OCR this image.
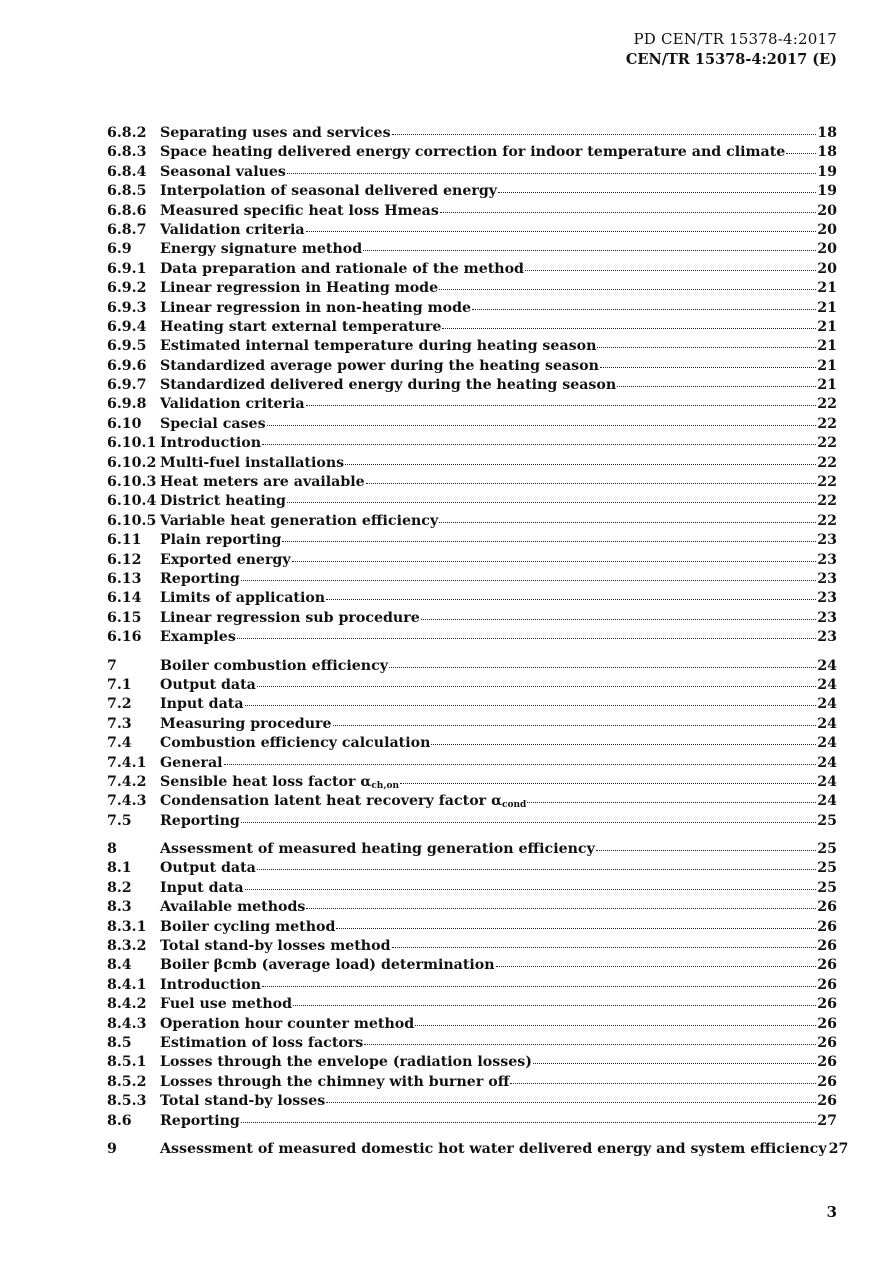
PD CEN/TR 15378-4:2017
CEN/TR 15378-4:2017 (E)
6.8.2 Separating uses and services	18
6.8.3 Space heating delivered energy correction for indoor temperature and climate 18
6.8.4 Seasonal values	19
6.8.5 Interpolation of seasonal delivered energy	19
6.8.6 Measured specific heat loss Hmeas	20
6.8.7 Validation criteria	20
6.9	Energy signature method	20
6.9.1 Data preparation and rationale of the method	20
6.9.2 Linear regression in Heating mode	21
6.9.3 Linear regression in non-heating mode	21
6.9.4 Heating start external temperature	21
6.9.5 Estimated internal temperature during heating season	21
6.9.6 Standardized average power during the heating season	21
6.9.7 Standardized delivered energy during the heating season	21
6.9.8 Validation criteria	22
6.10	Special cases	22
6.10.1 Introduction	22
6.10.2 Multi-fuel installations	22
6.10.3 Heat meters are available	22
6.10.4 District heating	22
6.10.5 Variable heat generation efficiency	22
6.11	Plain reporting	23
6.12	Exported energy	23
6.13	Reporting	23
6.14	Limits of application	23
6.15	Linear regression sub procedure	23
6.16	Examples	23
7	Boiler combustion efficiency	24
7.1	Output data	24
7.2	Input data	24
7.3	Measuring procedure	24
7.4	Combustion efficiency calculation	24
7.4.1 General	24
7.4.2 Sensible heat loss factor $\alpha_{ch,on}$	24
7.4.3 Condensation latent heat recovery factor $\alpha_{cond}$	24
7.5	Reporting	25
8	Assessment of measured heating generation efficiency	25
8.1	Output data	25
8.2	Input data	25
8.3	Available methods	26
8.3.1 Boiler cycling method	26
8.3.2 Total stand-by losses method	26
8.4	Boiler βcmb (average load) determination	26
8.4.1 Introduction	26
8.4.2 Fuel use method	26
8.4.3 Operation hour counter method	26
8.5	Estimation of loss factors	26
8.5.1 Losses through the envelope (radiation losses)	26
8.5.2 Losses through the chimney with burner off	26
8.5.3 Total stand-by losses	26
8.6	Reporting	27
9	Assessment of measured domestic hot water delivered energy and system efficiency 27
3
